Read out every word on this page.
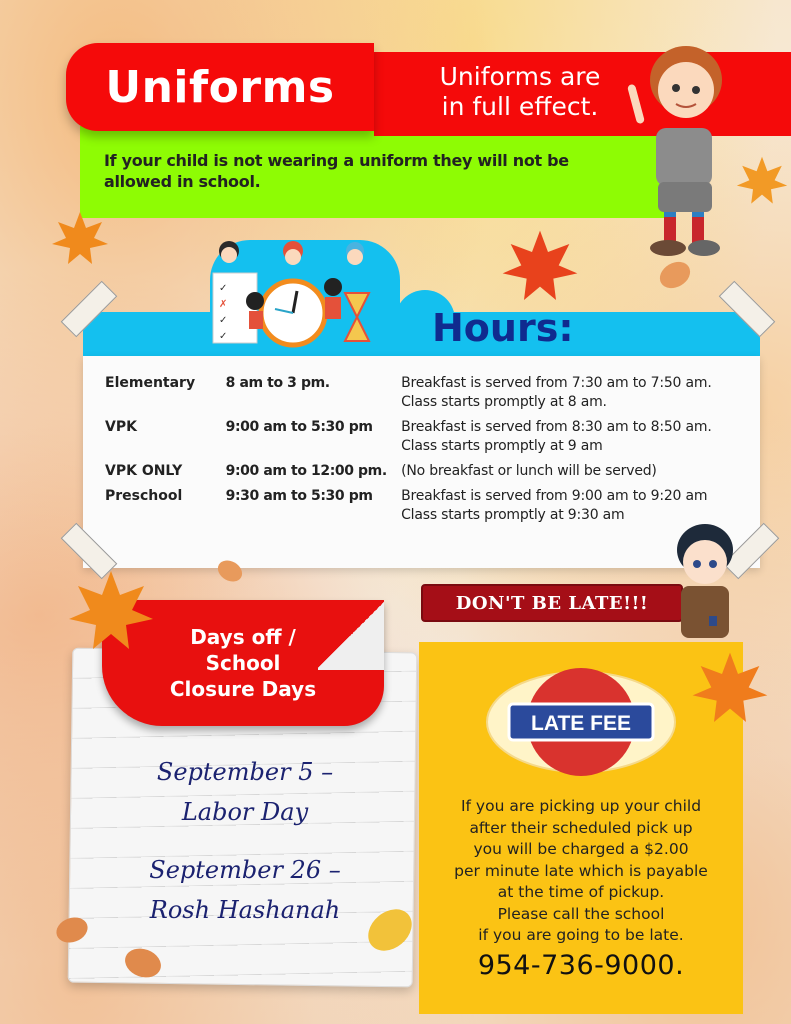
Uniforms	Uniforms are
in full effect.
If your child is not wearing a uniform they will not be allowed in school.
✓
✗
✓
✓	Hours:
Elementary	8 am to 3 pm.	Breakfast is served from 7:30 am to 7:50 am.
Class starts promptly at 8 am.
VPK	9:00 am to 5:30 pm	Breakfast is served from 8:30 am to 8:50 am.
Class starts promptly at 9 am
VPK ONLY	9:00 am to 12:00 pm.	(No breakfast or lunch will be served)
Preschool	9:30 am to 5:30 pm	Breakfast is served from 9:00 am to 9:20 am
Class starts promptly at 9:30 am
Days off /
School
Closure Days
September 5 –
Labor Day
September 26 –
Rosh Hashanah
DON'T BE LATE!!!
LATE FEE
If you are picking up your child
after their scheduled pick up
you will be charged a $2.00
per minute late which is payable
at the time of pickup.
Please call the school
if you are going to be late.
954-736-9000.
